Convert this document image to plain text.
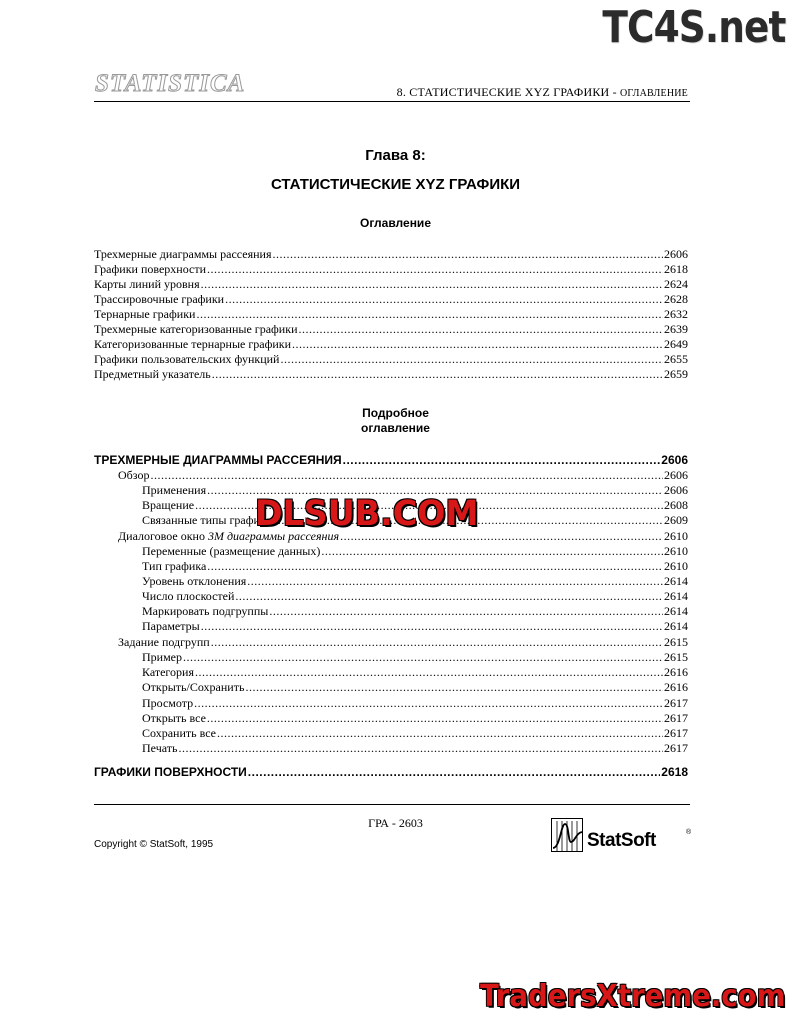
TC4S.net
STATISTICA	8. СТАТИСТИЧЕСКИЕ XYZ ГРАФИКИ - ОГЛАВЛЕНИЕ
Глава 8:
СТАТИСТИЧЕСКИЕ XYZ ГРАФИКИ
Оглавление
Трехмерные диаграммы рассеяния .....	2606
Графики поверхности .....	2618
Карты линий уровня .....	2624
Трассировочные графики .....	2628
Тернарные графики .....	2632
Трехмерные категоризованные графики .....	2639
Категоризованные тернарные графики .....	2649
Графики пользовательских функций .....	2655
Предметный указатель .....	2659
Подробное
оглавление
ТРЕХМЕРНЫЕ ДИАГРАММЫ РАССЕЯНИЯ .....	2606
Обзор .....	2606
Применения .....	2606
Вращение .....	2608
Связанные типы графиков .....	2609
Диалоговое окно 3M диаграммы рассеяния .....	2610
Переменные (размещение данных) .....	2610
Тип графика .....	2610
Уровень отклонения .....	2614
Число плоскостей .....	2614
Маркировать подгруппы .....	2614
Параметры .....	2614
Задание подгрупп .....	2615
Пример .....	2615
Категория .....	2616
Открыть/Сохранить .....	2616
Просмотр .....	2617
Открыть все .....	2617
Сохранить все .....	2617
Печать .....	2617
ГРАФИКИ ПОВЕРХНОСТИ .....	2618
DLSUB.COM
ГРА - 2603
Copyright © StatSoft, 1995	StatSoft	®
TradersXtreme.com
